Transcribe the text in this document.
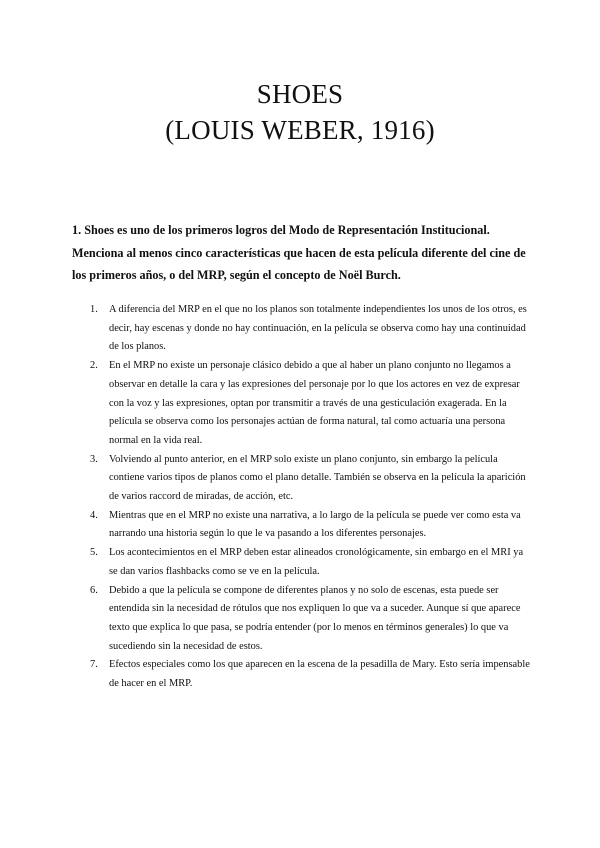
SHOES
(LOUIS WEBER, 1916)
1. Shoes es uno de los primeros logros del Modo de Representación Institucional. Menciona al menos cinco características que hacen de esta película diferente del cine de los primeros años, o del MRP, según el concepto de Noël Burch.
1. A diferencia del MRP en el que no los planos son totalmente independientes los unos de los otros, es decir, hay escenas y donde no hay continuación, en la película se observa como hay una continuidad de los planos.
2. En el MRP no existe un personaje clásico debido a que al haber un plano conjunto no llegamos a observar en detalle la cara y las expresiones del personaje por lo que los actores en vez de expresar con la voz y las expresiones, optan por transmitir a través de una gesticulación exagerada. En la película se observa como los personajes actúan de forma natural, tal como actuaría una persona normal en la vida real.
3. Volviendo al punto anterior, en el MRP solo existe un plano conjunto, sin embargo la película contiene varios tipos de planos como el plano detalle. También se observa en la película la aparición de varios raccord de miradas, de acción, etc.
4. Mientras que en el MRP no existe una narrativa, a lo largo de la película se puede ver como esta va narrando una historia según lo que le va pasando a los diferentes personajes.
5. Los acontecimientos en el MRP deben estar alineados cronológicamente, sin embargo en el MRI ya se dan varios flashbacks como se ve en la película.
6. Debido a que la película se compone de diferentes planos y no solo de escenas, esta puede ser entendida sin la necesidad de rótulos que nos expliquen lo que va a suceder. Aunque sí que aparece texto que explica lo que pasa, se podría entender (por lo menos en términos generales) lo que va sucediendo sin la necesidad de estos.
7. Efectos especiales como los que aparecen en la escena de la pesadilla de Mary. Esto sería impensable de hacer en el MRP.
